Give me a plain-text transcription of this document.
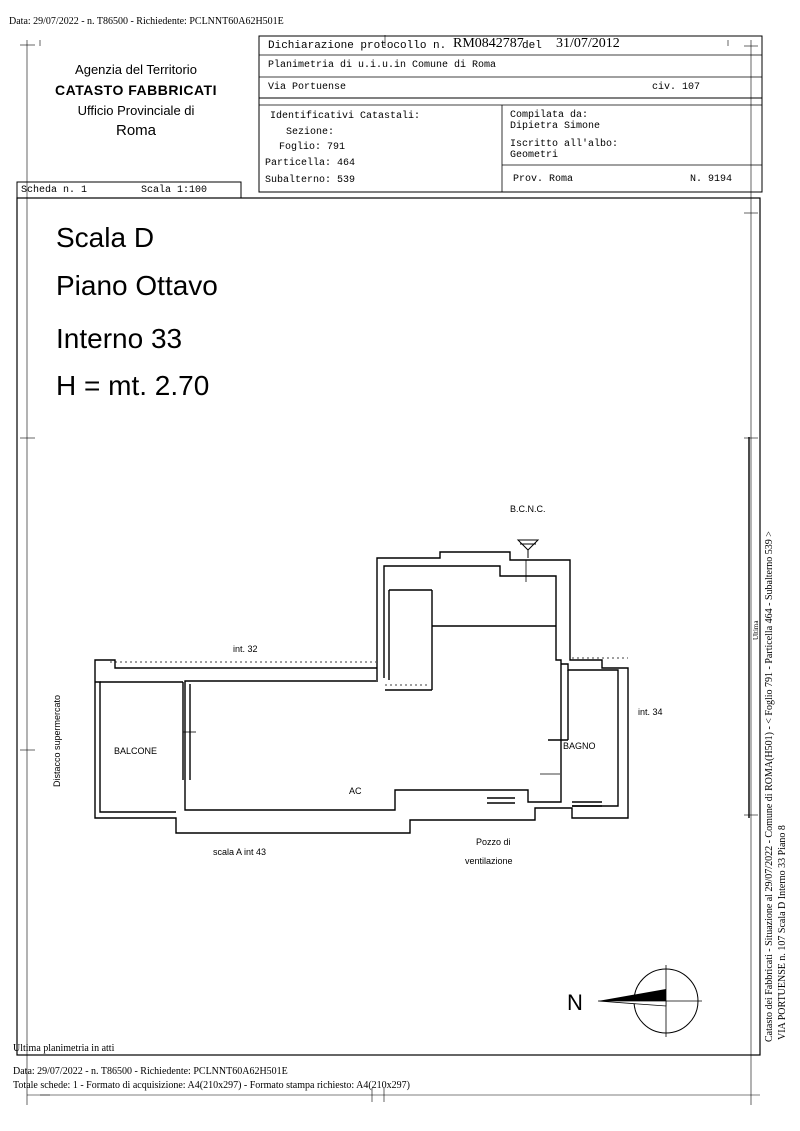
Data: 29/07/2022 - n. T86500 - Richiedente: PCLNNT60A62H501E
Agenzia del Territorio
CATASTO FABBRICATI
Ufficio Provinciale di
Roma
Dichiarazione protocollo n. RM0842787
del 31/07/2012
Planimetria di u.i.u.in Comune di Roma
Via Portuense	civ. 107
Identificativi Catastali:
Sezione:
Foglio: 791
Particella: 464
Subalterno: 539
Compilata da:
Dipietra Simone
Iscritto all'albo:
Geometri
Prov. Roma	N. 9194
Scheda n. 1	Scala 1:100
Scala D
Piano Ottavo
Interno 33
H = mt. 2.70
B.C.N.C.
int. 32
int. 34
BALCONE
AC
BAGNO
Distacco supermercato
scala A int 43
Pozzo di
ventilazione
N	Catasto dei Fabbricati - Situazione al 29/07/2022 - Comune di ROMA(H501) - < Foglio 791 - Particella 464 - Subalterno 539 > VIA PORTUENSE n. 107 Scala D Interno 33 Piano 8
Ultima
Ultima planimetria in atti
Data: 29/07/2022 - n. T86500 - Richiedente: PCLNNT60A62H501E
Totale schede: 1 - Formato di acquisizione: A4(210x297) - Formato stampa richiesto: A4(210x297)
